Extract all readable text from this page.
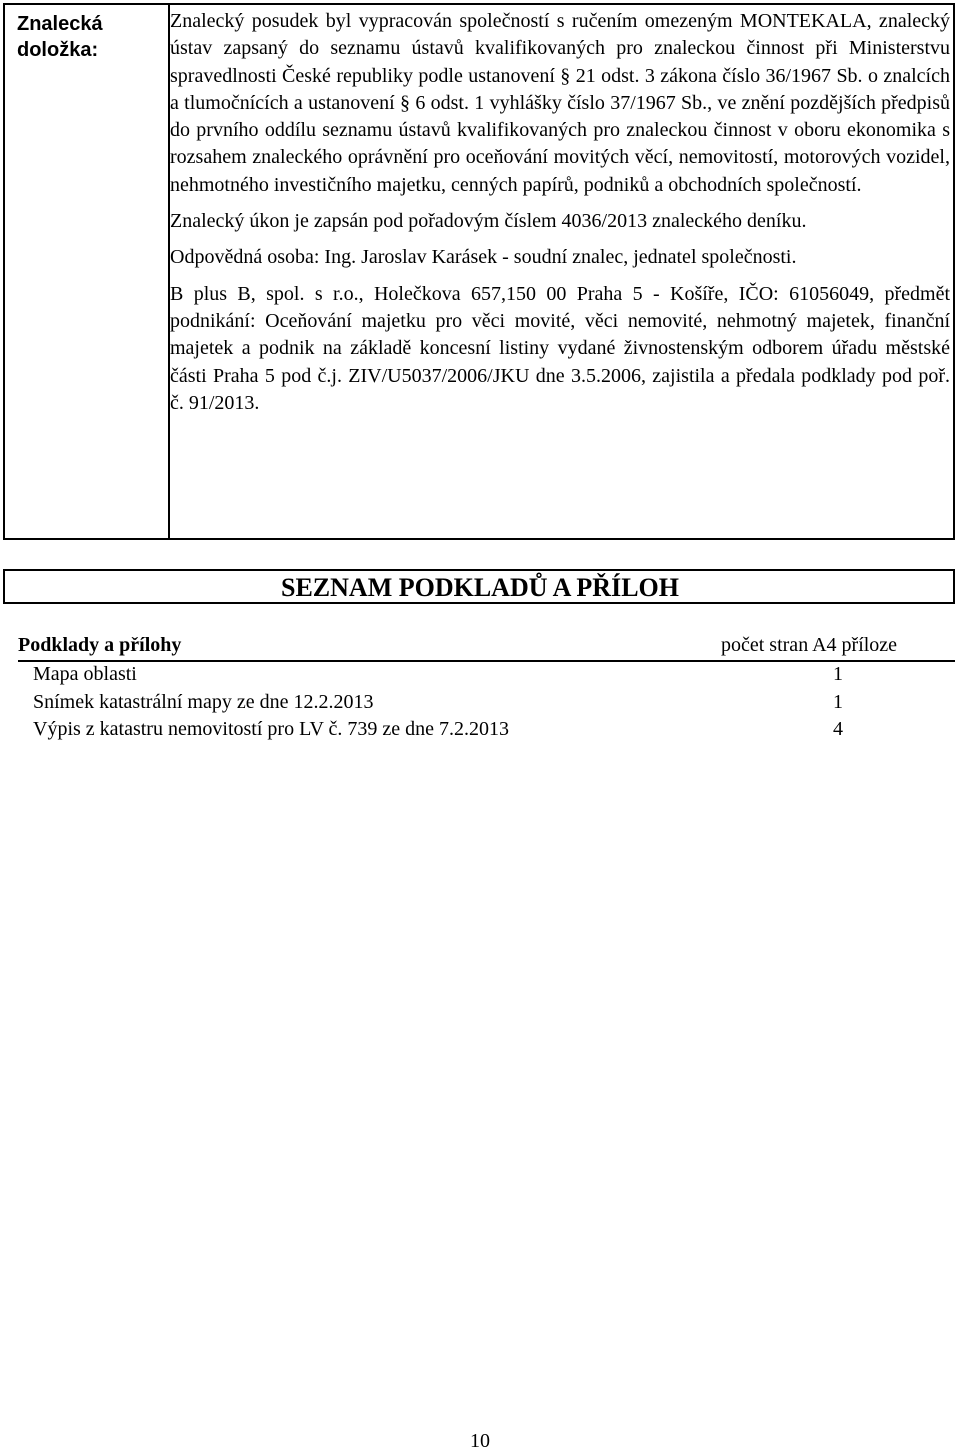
Znalecká doložka:

Znalecký posudek byl vypracován společností s ručením omezeným MONTEKALA, znalecký ústav zapsaný do seznamu ústavů kvalifikovaných pro znaleckou činnost při Ministerstvu spravedlnosti České republiky podle ustanovení § 21 odst. 3 zákona číslo 36/1967 Sb. o znalcích a tlumočnících a ustanovení § 6 odst. 1 vyhlášky číslo 37/1967 Sb., ve znění pozdějších předpisů do prvního oddílu seznamu ústavů kvalifikovaných pro znaleckou činnost v oboru ekonomika s rozsahem znaleckého oprávnění pro oceňování movitých věcí, nemovitostí, motorových vozidel, nehmotného investičního majetku, cenných papírů, podniků a obchodních společností.

Znalecký úkon je zapsán pod pořadovým číslem 4036/2013 znaleckého deníku.

Odpovědná osoba: Ing. Jaroslav Karásek - soudní znalec, jednatel společnosti.

B plus B, spol. s r.o., Holečkova 657,150 00 Praha 5 - Košíře, IČO: 61056049, předmět podnikání: Oceňování majetku pro věci movité, věci nemovité, nehmotný majetek, finanční majetek a podnik na základě koncesní listiny vydané živnostenským odborem úřadu městské části Praha 5 pod č.j. ZIV/U5037/2006/JKU dne 3.5.2006, zajistila a předala podklady pod poř. č. 91/2013.

SEZNAM PODKLADŮ A PŘÍLOH
Podklady a přílohy	počet stran A4 příloze
Mapa oblasti	1
Snímek katastrální mapy ze dne 12.2.2013	1
Výpis z katastru nemovitostí pro LV č. 739 ze dne 7.2.2013	4
10
